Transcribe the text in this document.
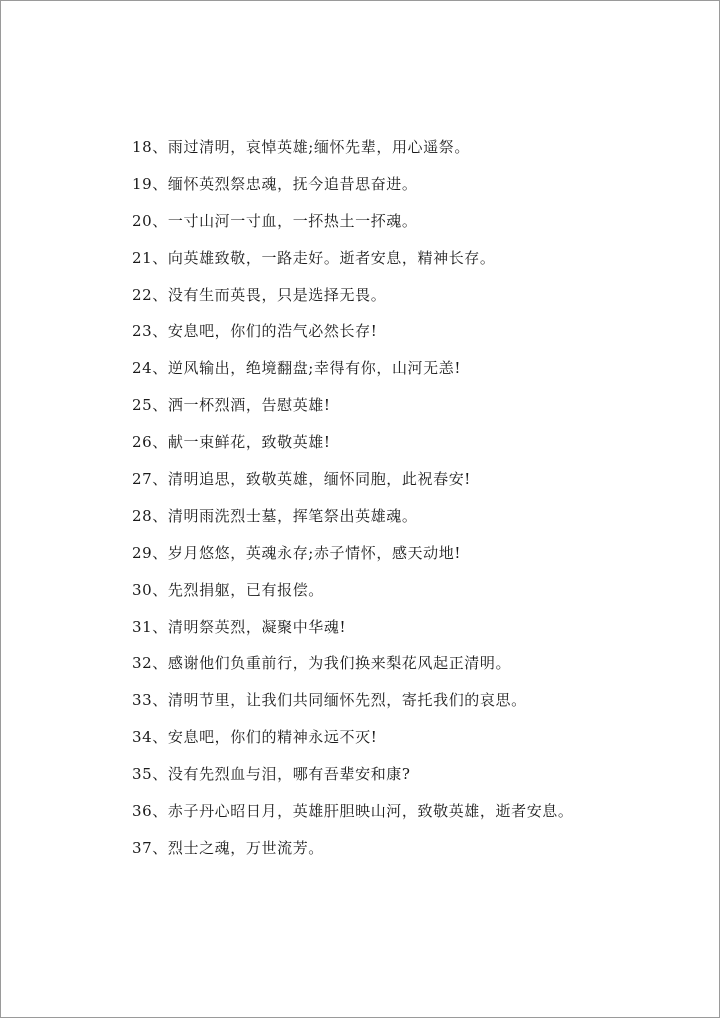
18、雨过清明，哀悼英雄;缅怀先辈，用心遥祭。
19、缅怀英烈祭忠魂，抚今追昔思奋进。
20、一寸山河一寸血，一抔热土一抔魂。
21、向英雄致敬，一路走好。逝者安息，精神长存。
22、没有生而英畏，只是选择无畏。
23、安息吧，你们的浩气必然长存!
24、逆风输出，绝境翻盘;幸得有你，山河无恙!
25、洒一杯烈酒，告慰英雄!
26、献一束鲜花，致敬英雄!
27、清明追思，致敬英雄，缅怀同胞，此祝春安!
28、清明雨洗烈士墓，挥笔祭出英雄魂。
29、岁月悠悠，英魂永存;赤子情怀，感天动地!
30、先烈捐躯，已有报偿。
31、清明祭英烈，凝聚中华魂!
32、感谢他们负重前行，为我们换来梨花风起正清明。
33、清明节里，让我们共同缅怀先烈，寄托我们的哀思。
34、安息吧，你们的精神永远不灭!
35、没有先烈血与泪，哪有吾辈安和康?
36、赤子丹心昭日月，英雄肝胆映山河，致敬英雄，逝者安息。
37、烈士之魂，万世流芳。
